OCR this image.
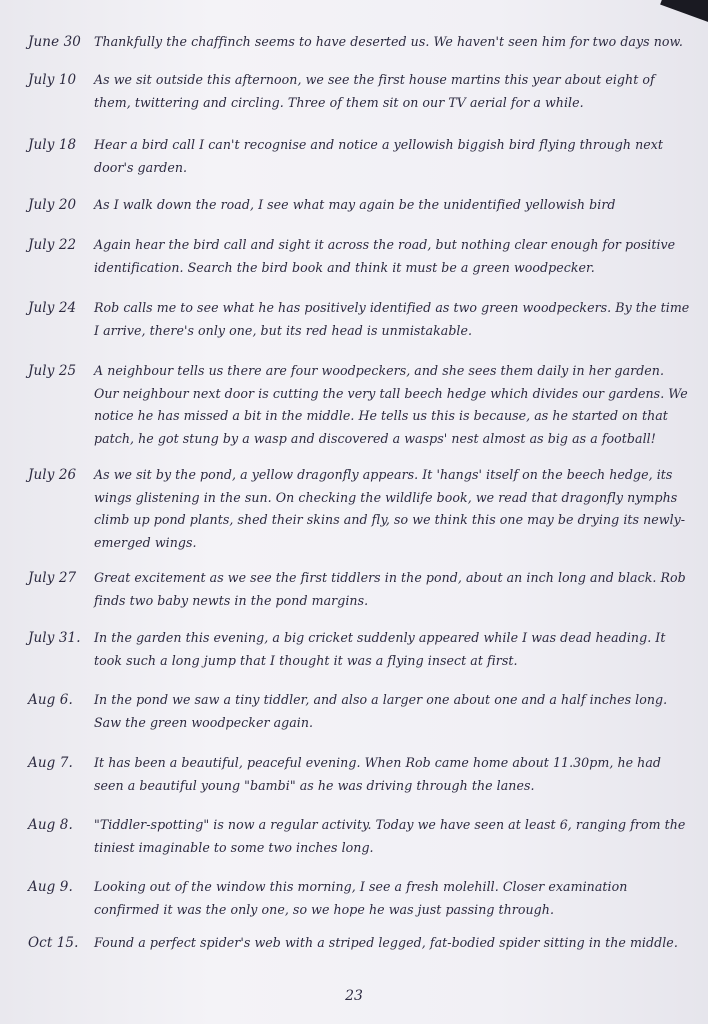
June 30	Thankfully the chaffinch seems to have deserted us. We haven't seen him for two days now.
July 10	As we sit outside this afternoon, we see the first house martins this year about eight of them, twittering and circling. Three of them sit on our TV aerial for a while.
July 18	Hear a bird call I can't recognise and notice a yellowish biggish bird flying through next door's garden.
July 20	As I walk down the road, I see what may again be the unidentified yellowish bird
July 22	Again hear the bird call and sight it across the road, but nothing clear enough for positive identification. Search the bird book and think it must be a green woodpecker.
July 24	Rob calls me to see what he has positively identified as two green woodpeckers. By the time I arrive, there's only one, but its red head is unmistakable.
July 25	A neighbour tells us there are four woodpeckers, and she sees them daily in her garden. Our neighbour next door is cutting the very tall beech hedge which divides our gardens. We notice he has missed a bit in the middle. He tells us this is because, as he started on that patch, he got stung by a wasp and discovered a wasps' nest almost as big as a football!
July 26	As we sit by the pond, a yellow dragonfly appears. It 'hangs' itself on the beech hedge, its wings glistening in the sun. On checking the wildlife book, we read that dragonfly nymphs climb up pond plants, shed their skins and fly, so we think this one may be drying its newly-emerged wings.
July 27	Great excitement as we see the first tiddlers in the pond, about an inch long and black. Rob finds two baby newts in the pond margins.
July 31.	In the garden this evening, a big cricket suddenly appeared while I was dead heading. It took such a long jump that I thought it was a flying insect at first.
Aug 6.	In the pond we saw a tiny tiddler, and also a larger one about one and a half inches long. Saw the green woodpecker again.
Aug 7.	It has been a beautiful, peaceful evening. When Rob came home about 11.30pm, he had seen a beautiful young "bambi" as he was driving through the lanes.
Aug 8.	"Tiddler-spotting" is now a regular activity. Today we have seen at least 6, ranging from the tiniest imaginable to some two inches long.
Aug 9.	Looking out of the window this morning, I see a fresh molehill. Closer examination confirmed it was the only one, so we hope he was just passing through.
Oct 15.	Found a perfect spider's web with a striped legged, fat-bodied spider sitting in the middle.
23
